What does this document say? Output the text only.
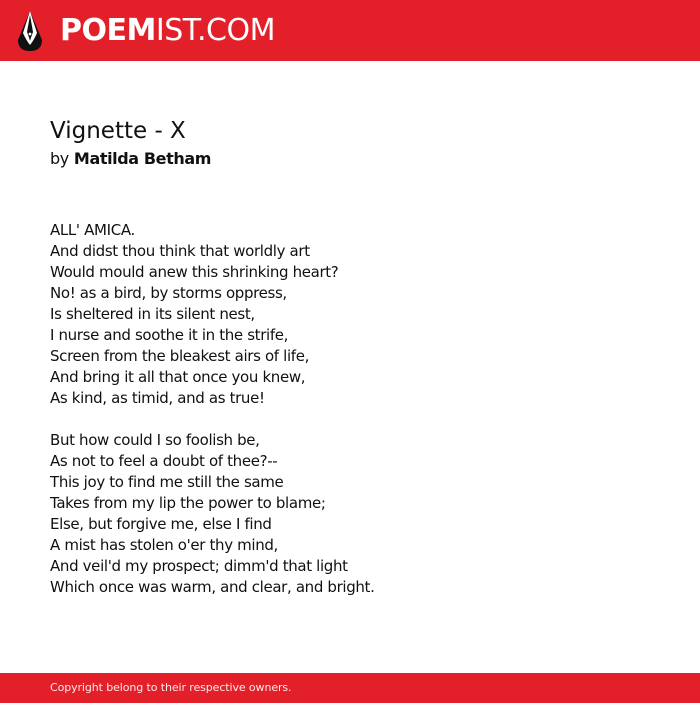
POEMIST.COM
Vignette - X

by Matilda Betham

ALL' AMICA.
And didst thou think that worldly art
Would mould anew this shrinking heart?
No! as a bird, by storms oppress,
Is sheltered in its silent nest,
I nurse and soothe it in the strife,
Screen from the bleakest airs of life,
And bring it all that once you knew,
As kind, as timid, and as true!
But how could I so foolish be,
As not to feel a doubt of thee?--
This joy to find me still the same
Takes from my lip the power to blame;
Else, but forgive me, else I find
A mist has stolen o'er thy mind,
And veil'd my prospect; dimm'd that light
Which once was warm, and clear, and bright.
Copyright belong to their respective owners.
